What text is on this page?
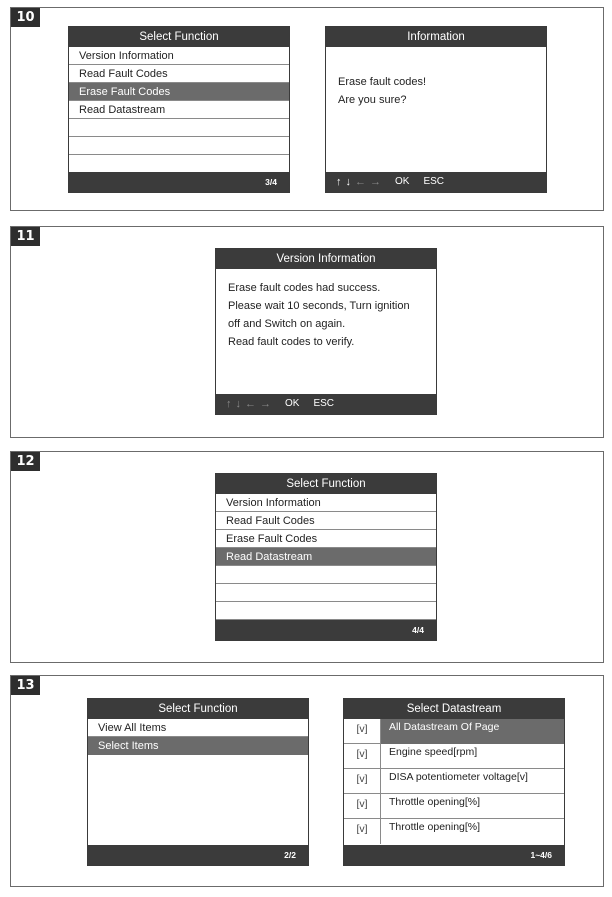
10
Select Function
Version Information
Read Fault Codes
Erase Fault Codes
Read Datastream
3/4
Information
Erase fault codes!
Are you sure?
↑ ↓ ← → OK ESC
11
Version Information
Erase fault codes had success.
Please wait 10 seconds, Turn ignition
off and Switch on again.
Read fault codes to verify.
↑ ↓ ← → OK ESC
12
Select Function
Version Information
Read Fault Codes
Erase Fault Codes
Read Datastream
4/4
13
Select Function
View All Items
Select Items
2/2
Select Datastream
[v]	All Datastream Of Page
[v]	Engine speed[rpm]
[v]	DISA potentiometer voltage[v]
[v]	Throttle opening[%]
[v]	Throttle opening[%]
1~4/6
